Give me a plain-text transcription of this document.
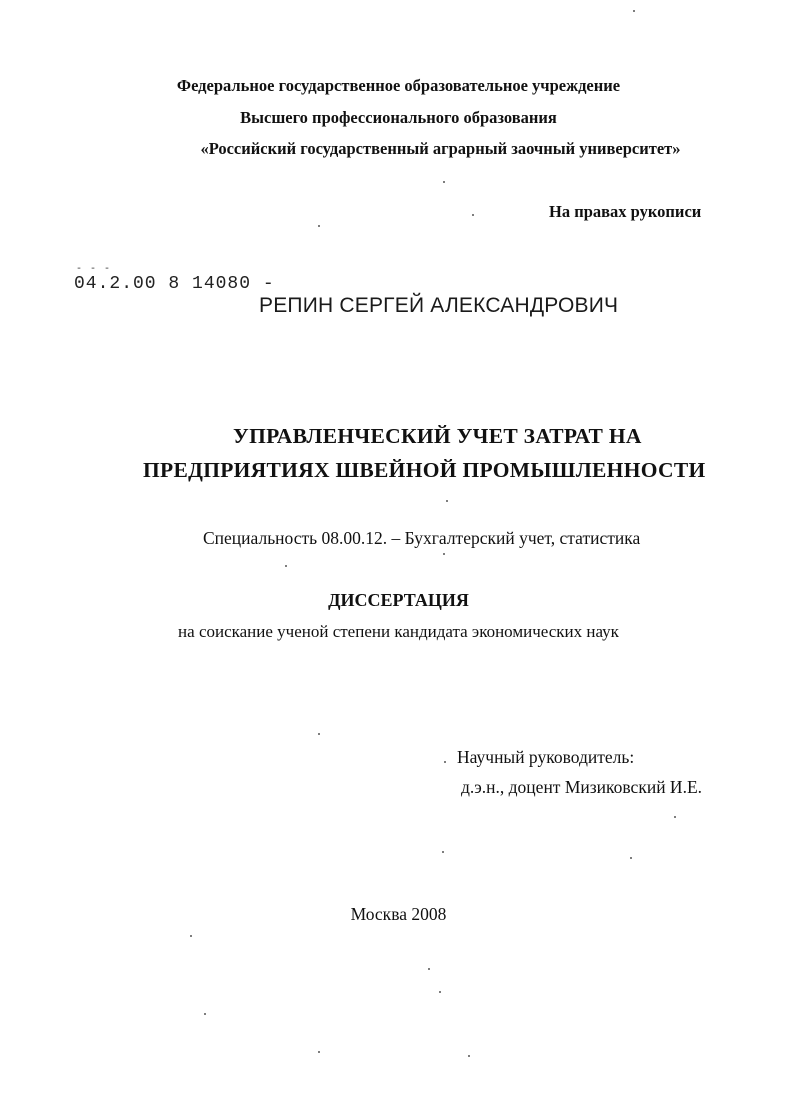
Федеральное государственное образовательное учреждение
Высшего профессионального образования
«Российский государственный аграрный заочный университет»
На правах рукописи
- - -
04.2.00 8 14080 -
РЕПИН СЕРГЕЙ АЛЕКСАНДРОВИЧ
УПРАВЛЕНЧЕСКИЙ УЧЕТ ЗАТРАТ НА
ПРЕДПРИЯТИЯХ ШВЕЙНОЙ ПРОМЫШЛЕННОСТИ
Специальность 08.00.12. – Бухгалтерский учет, статистика
ДИССЕРТАЦИЯ
на соискание ученой степени кандидата экономических наук
Научный руководитель:
д.э.н., доцент Мизиковский И.Е.
Москва 2008
